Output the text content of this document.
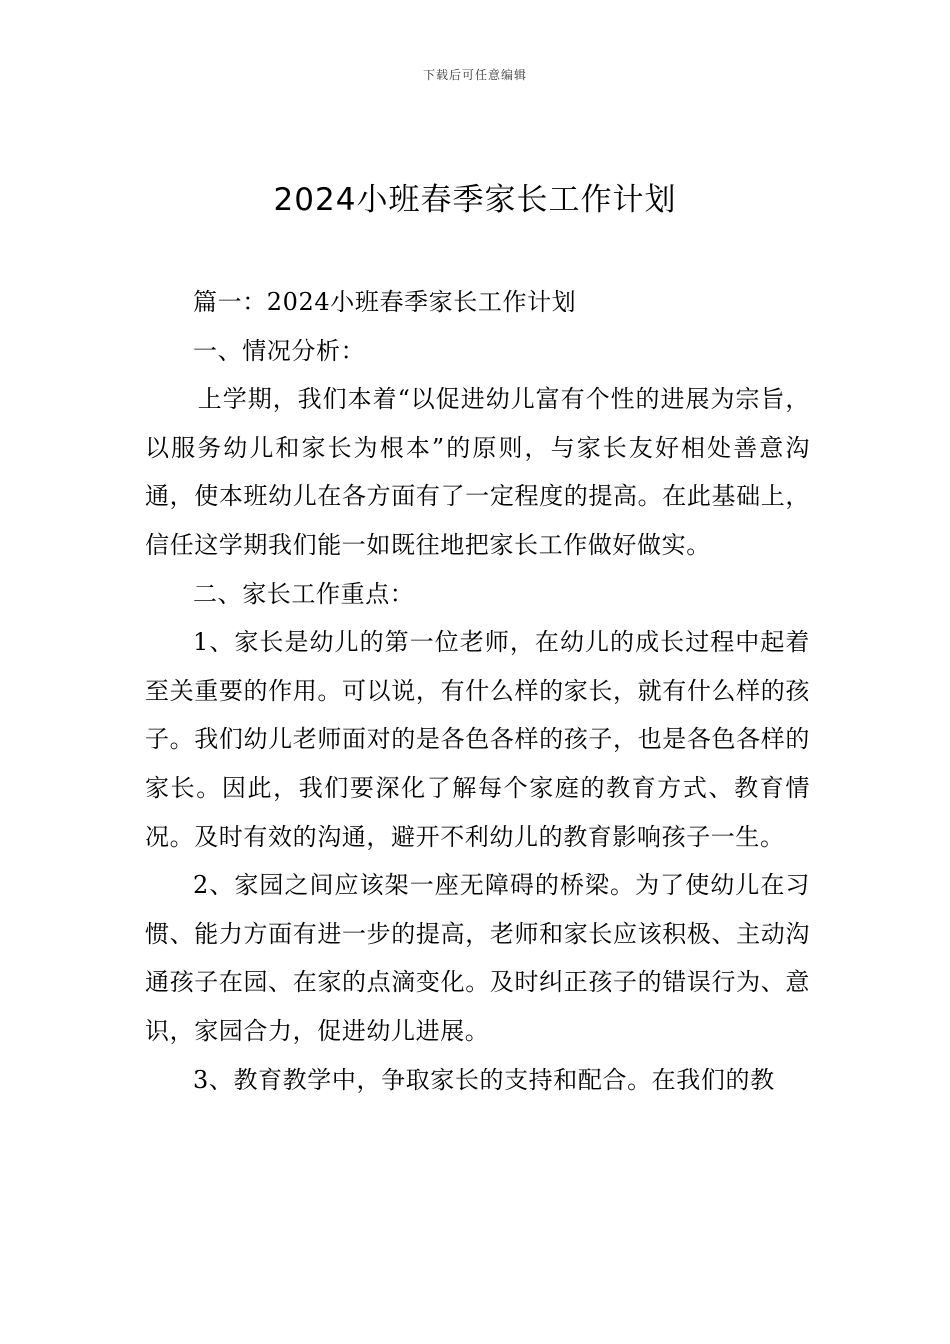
下载后可任意编辑
2024小班春季家长工作计划

篇一：2024小班春季家长工作计划

一、情况分析：

上学期，我们本着“以促进幼儿富有个性的进展为宗旨，以服务幼儿和家长为根本”的原则，与家长友好相处善意沟通，使本班幼儿在各方面有了一定程度的提高。在此基础上，信任这学期我们能一如既往地把家长工作做好做实。

二、家长工作重点：

1、家长是幼儿的第一位老师，在幼儿的成长过程中起着至关重要的作用。可以说，有什么样的家长，就有什么样的孩子。我们幼儿老师面对的是各色各样的孩子，也是各色各样的家长。因此，我们要深化了解每个家庭的教育方式、教育情况。及时有效的沟通，避开不利幼儿的教育影响孩子一生。

2、家园之间应该架一座无障碍的桥梁。为了使幼儿在习惯、能力方面有进一步的提高，老师和家长应该积极、主动沟通孩子在园、在家的点滴变化。及时纠正孩子的错误行为、意识，家园合力，促进幼儿进展。

3、教育教学中，争取家长的支持和配合。在我们的教
